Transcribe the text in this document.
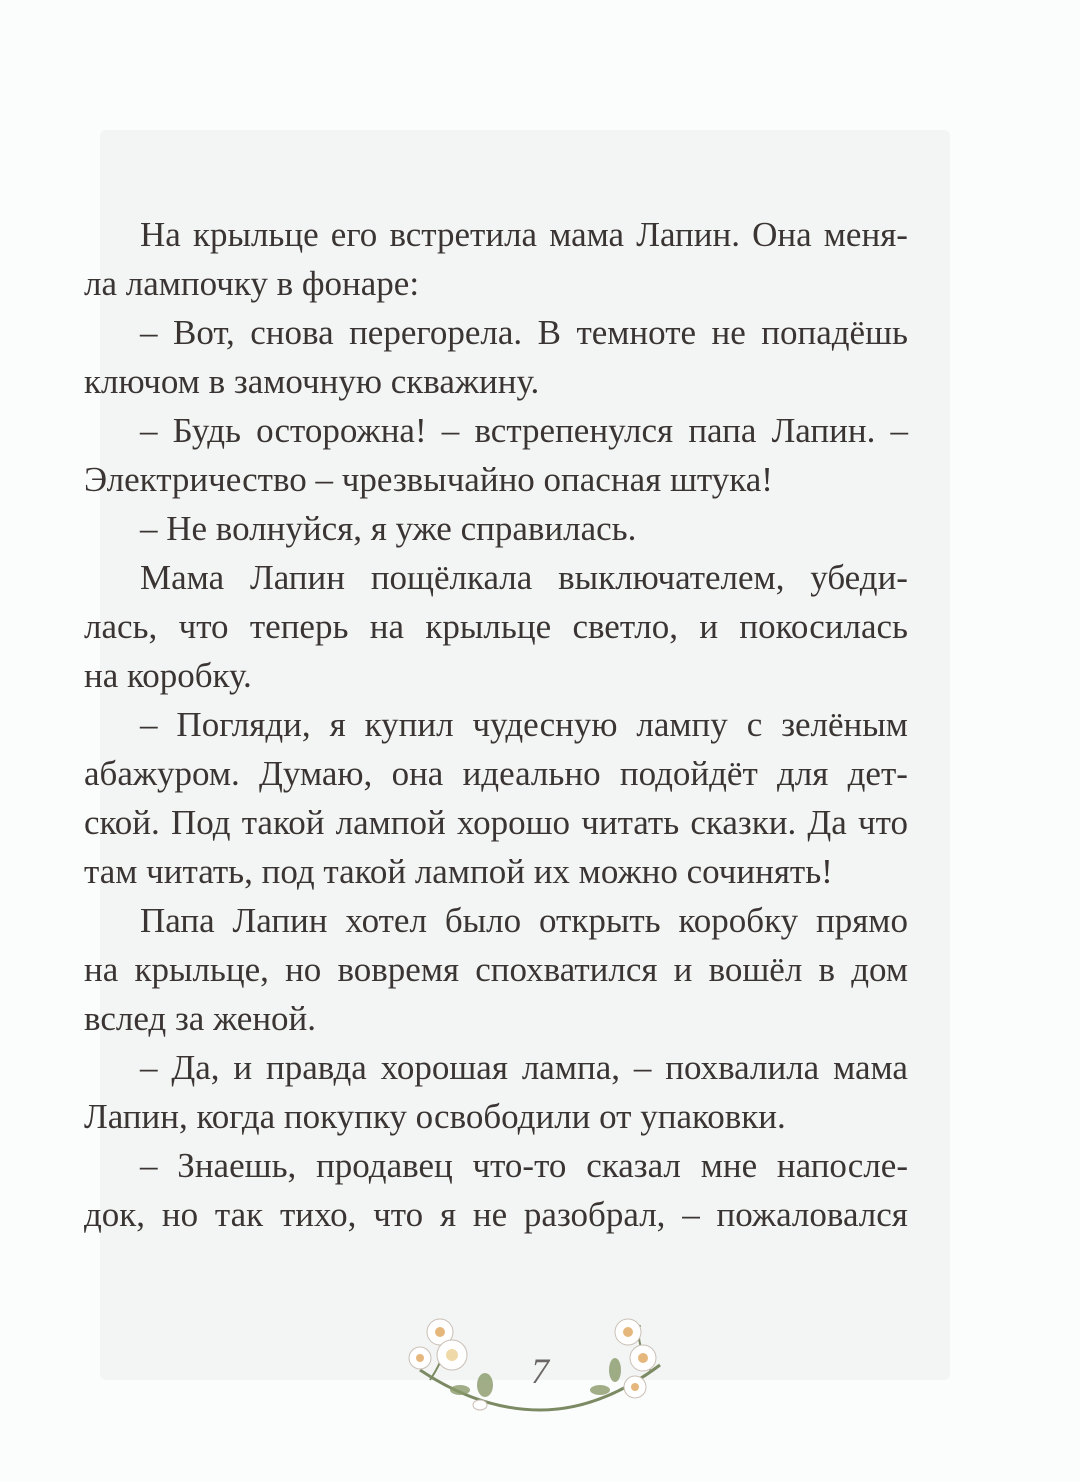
На крыльце его встретила мама Лапин. Она меня-
ла лампочку в фонаре:
– Вот, снова перегорела. В темноте не попадёшь
ключом в замочную скважину.
– Будь осторожна! – встрепенулся папа Лапин. –
Электричество – чрезвычайно опасная штука!
– Не волнуйся, я уже справилась.
Мама Лапин пощёлкала выключателем, убеди-
лась, что теперь на крыльце светло, и покосилась
на коробку.
– Погляди, я купил чудесную лампу с зелёным
абажуром. Думаю, она идеально подойдёт для дет-
ской. Под такой лампой хорошо читать сказки. Да что
там читать, под такой лампой их можно сочинять!
Папа Лапин хотел было открыть коробку прямо
на крыльце, но вовремя спохватился и вошёл в дом
вслед за женой.
– Да, и правда хорошая лампа, – похвалила мама
Лапин, когда покупку освободили от упаковки.
– Знаешь, продавец что-то сказал мне напосле-
док, но так тихо, что я не разобрал, – пожаловался
7
